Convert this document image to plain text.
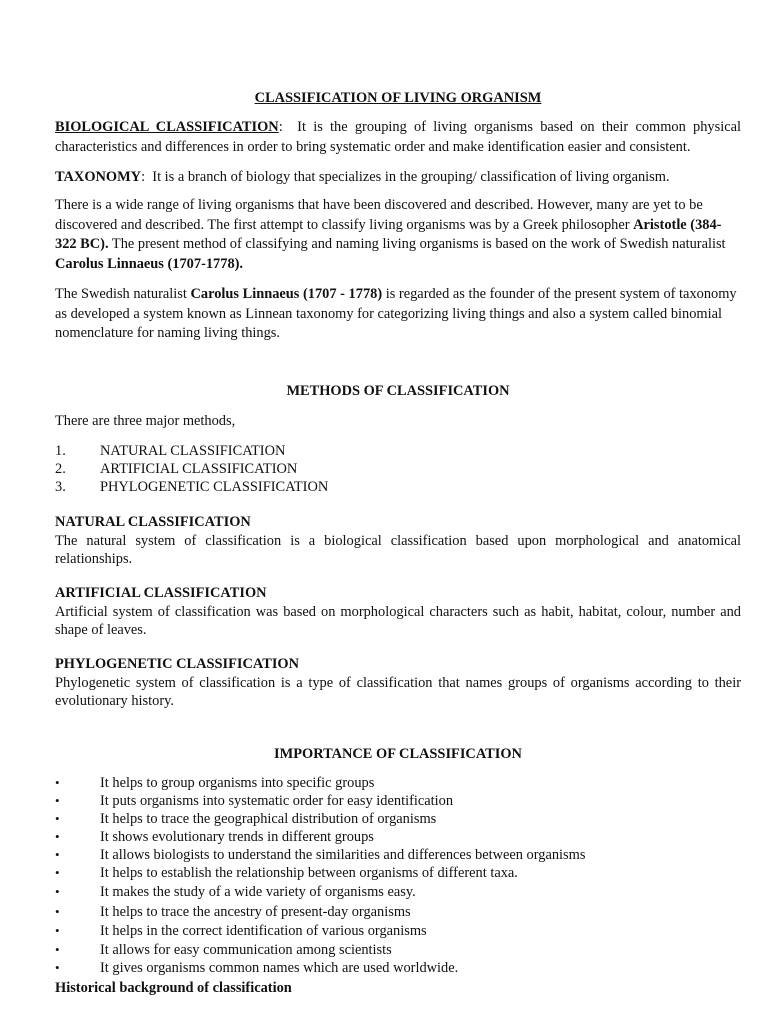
CLASSIFICATION OF LIVING ORGANISM

BIOLOGICAL CLASSIFICATION: It is the grouping of living organisms based on their common physical characteristics and differences in order to bring systematic order and make identification easier and consistent.

TAXONOMY: It is a branch of biology that specializes in the grouping/ classification of living organism.

There is a wide range of living organisms that have been discovered and described. However, many are yet to be discovered and described. The first attempt to classify living organisms was by a Greek philosopher Aristotle (384-322 BC). The present method of classifying and naming living organisms is based on the work of Swedish naturalist Carolus Linnaeus (1707-1778).

The Swedish naturalist Carolus Linnaeus (1707 - 1778) is regarded as the founder of the present system of taxonomy as developed a system known as Linnean taxonomy for categorizing living things and also a system called binomial nomenclature for naming living things.

METHODS OF CLASSIFICATION

There are three major methods,

1. NATURAL CLASSIFICATION
2. ARTIFICIAL CLASSIFICATION
3. PHYLOGENETIC CLASSIFICATION
NATURAL CLASSIFICATION
The natural system of classification is a biological classification based upon morphological and anatomical relationships.
ARTIFICIAL CLASSIFICATION
Artificial system of classification was based on morphological characters such as habit, habitat, colour, number and shape of leaves.
PHYLOGENETIC CLASSIFICATION
Phylogenetic system of classification is a type of classification that names groups of organisms according to their evolutionary history.

IMPORTANCE OF CLASSIFICATION

•	It helps to group organisms into specific groups
•	It puts organisms into systematic order for easy identification
•	It helps to trace the geographical distribution of organisms
•	It shows evolutionary trends in different groups
•	It allows biologists to understand the similarities and differences between organisms
•	It helps to establish the relationship between organisms of different taxa.
•	It makes the study of a wide variety of organisms easy.
•	It helps to trace the ancestry of present-day organisms
•	It helps in the correct identification of various organisms
•	It allows for easy communication among scientists
•	It gives organisms common names which are used worldwide.

Historical background of classification
